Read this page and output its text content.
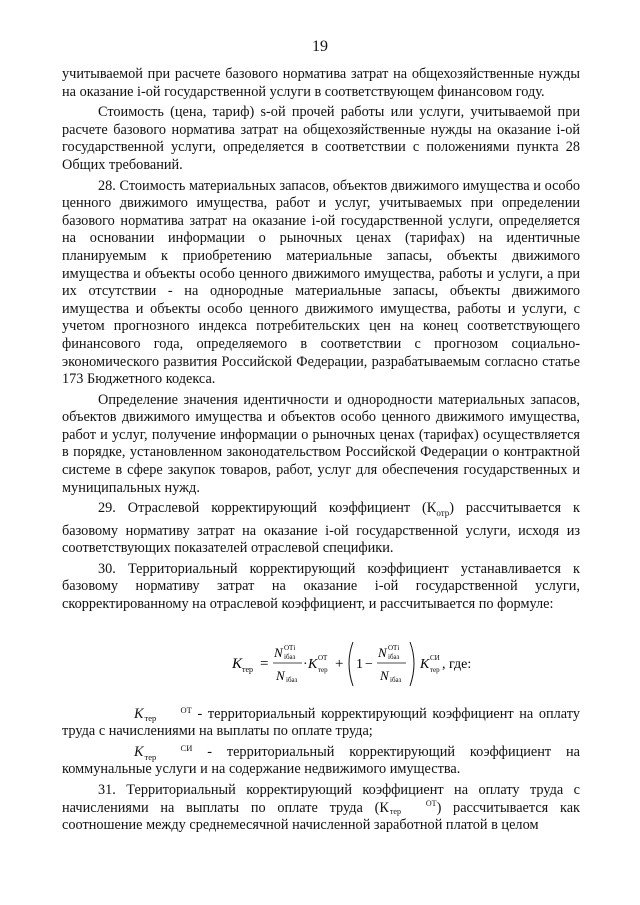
19

учитываемой при расчете базового норматива затрат на общехозяйственные нужды на оказание i-ой государственной услуги в соответствующем финансовом году.

Стоимость (цена, тариф) s-ой прочей работы или услуги, учитываемой при расчете базового норматива затрат на общехозяйственные нужды на оказание i-ой государственной услуги, определяется в соответствии с положениями пункта 28 Общих требований.

28. Стоимость материальных запасов, объектов движимого имущества и особо ценного движимого имущества, работ и услуг, учитываемых при определении базового норматива затрат на оказание i-ой государственной услуги, определяется на основании информации о рыночных ценах (тарифах) на идентичные планируемым к приобретению материальные запасы, объекты движимого имущества и объекты особо ценного движимого имущества, работы и услуги, а при их отсутствии - на однородные материальные запасы, объекты движимого имущества и объекты особо ценного движимого имущества, работы и услуги, с учетом прогнозного индекса потребительских цен на конец соответствующего финансового года, определяемого в соответствии с прогнозом социально-экономического развития Российской Федерации, разрабатываемым согласно статье 173 Бюджетного кодекса.

Определение значения идентичности и однородности материальных запасов, объектов движимого имущества и объектов особо ценного движимого имущества, работ и услуг, получение информации о рыночных ценах (тарифах) осуществляется в порядке, установленном законодательством Российской Федерации о контрактной системе в сфере закупок товаров, работ, услуг для обеспечения государственных и муниципальных нужд.

29. Отраслевой корректирующий коэффициент $(К_{отр})$ рассчитывается к базовому нормативу затрат на оказание i-ой государственной услуги, исходя из соответствующих показателей отраслевой специфики.

30. Территориальный корректирующий коэффициент устанавливается к базовому нормативу затрат на оказание i-ой государственной услуги, скорректированному на отраслевой коэффициент, и рассчитывается по формуле:

K тер =
N ОТi
iбаз
N iбаз
· K ОТ
тер + 1 −
N ОТi
iбаз
N iбаз
K СИ
тер , где:

K	ОТ
тер - территориальный корректирующий коэффициент на оплату труда с начислениями на выплаты по оплате труда;

K	СИ
тер	- территориальный корректирующий коэффициент на коммунальные услуги и на содержание недвижимого имущества.

31. Территориальный корректирующий коэффициент на оплату труда с начислениями на выплаты по оплате труда (К	ОТ
тер ) рассчитывается как соотношение между среднемесячной начисленной заработной платой в целом
